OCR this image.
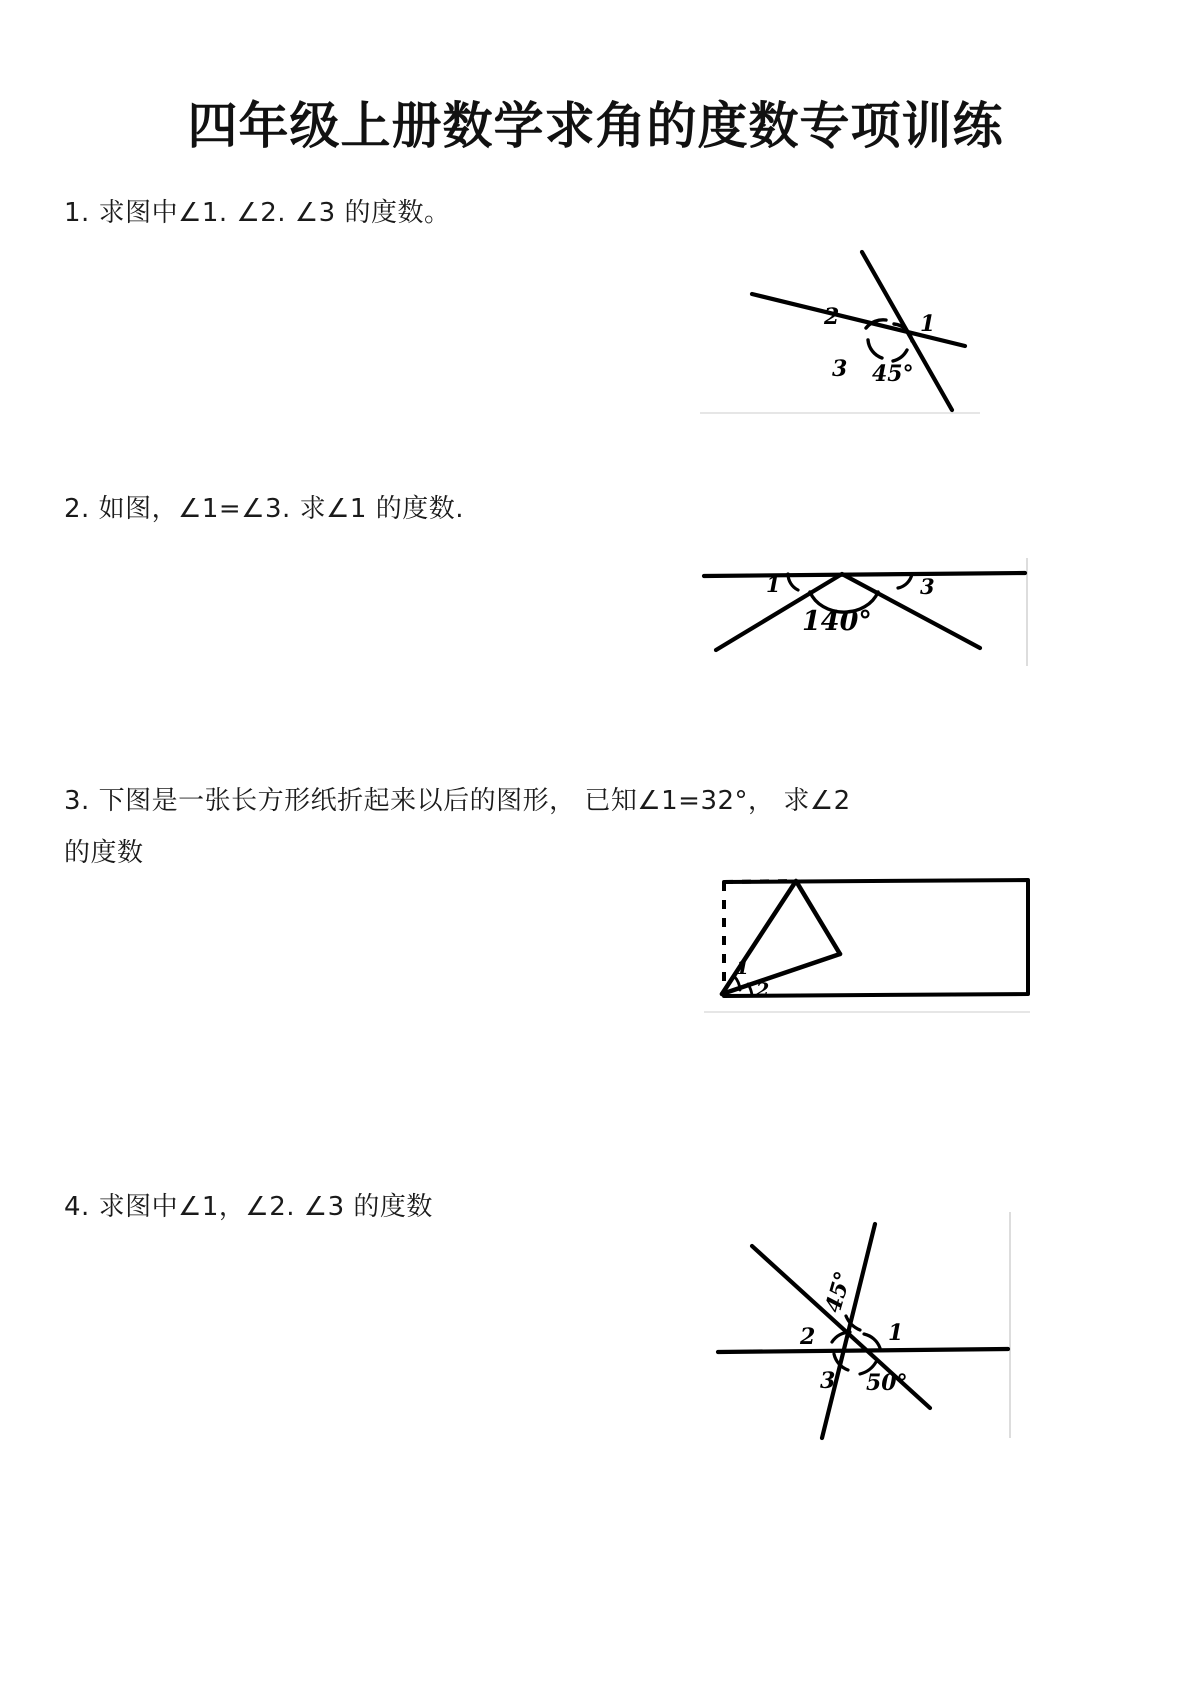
四年级上册数学求角的度数专项训练
1. 求图中∠1. ∠2. ∠3 的度数。
2	1
3 45°
2. 如图，∠1=∠3. 求∠1 的度数.
1	3
140°
3. 下图是一张长方形纸折起来以后的图形， 已知∠1=32°， 求∠2
的度数
1
2
4. 求图中∠1，∠2. ∠3 的度数
45°
1
2
3 50°
